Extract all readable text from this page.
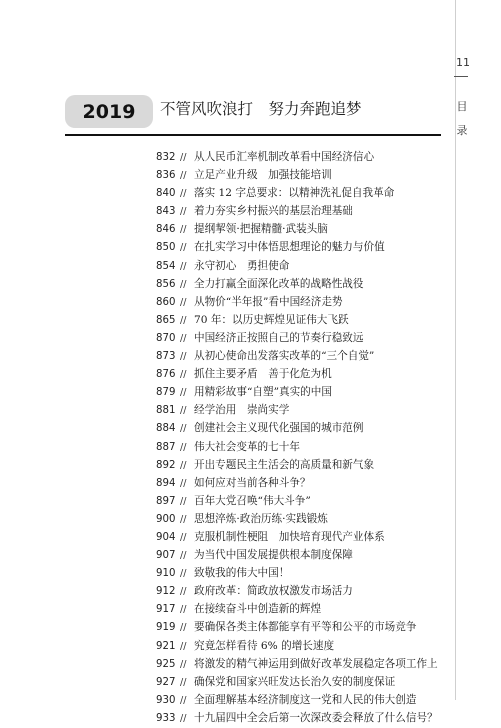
11
目
录
2019	不管风吹浪打　努力奔跑追梦
832 // 从人民币汇率机制改革看中国经济信心
836 // 立足产业升级　加强技能培训
840 // 落实 12 字总要求：以精神洗礼促自我革命
843 // 着力夯实乡村振兴的基层治理基础
846 // 提纲挈领·把握精髓·武装头脑
850 // 在扎实学习中体悟思想理论的魅力与价值
854 // 永守初心　勇担使命
856 // 全力打赢全面深化改革的战略性战役
860 // 从物价“半年报”看中国经济走势
865 // 70 年：以历史辉煌见证伟大飞跃
870 // 中国经济正按照自己的节奏行稳致远
873 // 从初心使命出发落实改革的“三个自觉”
876 // 抓住主要矛盾　善于化危为机
879 // 用精彩故事“自塑”真实的中国
881 // 经学治用　崇尚实学
884 // 创建社会主义现代化强国的城市范例
887 // 伟大社会变革的七十年
892 // 开出专题民主生活会的高质量和新气象
894 // 如何应对当前各种斗争？
897 // 百年大党召唤“伟大斗争”
900 // 思想淬炼·政治历练·实践锻炼
904 // 克服机制性梗阻　加快培育现代产业体系
907 // 为当代中国发展提供根本制度保障
910 // 致敬我的伟大中国！
912 // 政府改革：简政放权激发市场活力
917 // 在接续奋斗中创造新的辉煌
919 // 要确保各类主体都能享有平等和公平的市场竞争
921 // 究竟怎样看待 6% 的增长速度
925 // 将激发的精气神运用到做好改革发展稳定各项工作上
927 // 确保党和国家兴旺发达长治久安的制度保证
930 // 全面理解基本经济制度这一党和人民的伟大创造
933 // 十九届四中全会后第一次深改委会释放了什么信号？
